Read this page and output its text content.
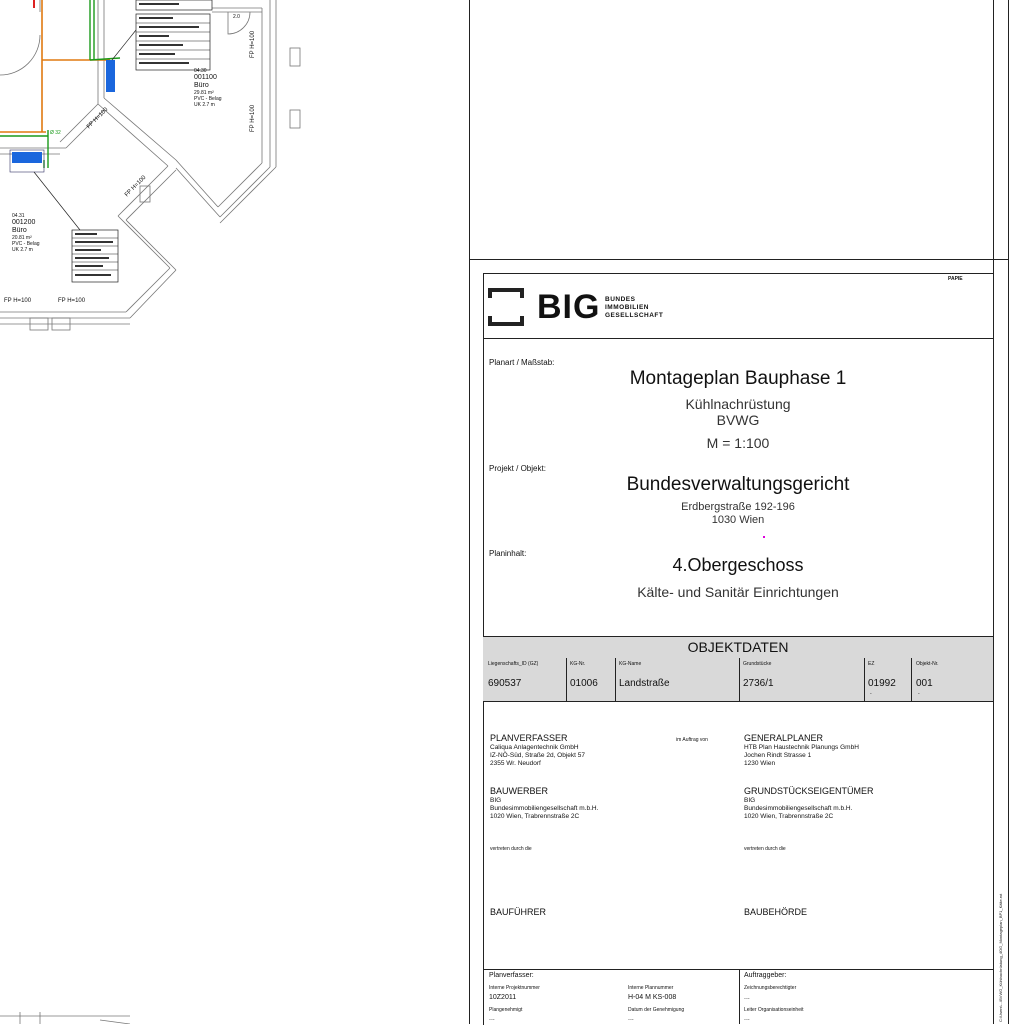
04.30
001100
Büro
29.81 m²
PVC - Belag
UK 2.7 m
04.31
001200
Büro
20.81 m²
PVC - Belag
UK 2.7 m
FP H=100
FP H=100
FP H=100	FP H=100
FP H=100
FP H=100
2.0
Ø 32
PAPIE
BIG BUNDES
IMMOBILIEN
GESELLSCHAFT
Planart / Maßstab:
Montageplan Bauphase 1
Kühlnachrüstung
BVWG
M = 1:100
Projekt / Objekt:
Bundesverwaltungsgericht
Erdbergstraße 192-196
1030 Wien
Planinhalt:
4.Obergeschoss
Kälte- und Sanitär Einrichtungen
OBJEKTDATEN
Liegenschafts_ID (GZ)	KG-Nr.	KG-Name	Grundstücke	EZ	Objekt-Nr.
690537	01006 Landstraße	2736/1	01992 001
-	-
PLANVERFASSER
Caliqua Anlagentechnik GmbH
IZ-NÖ-Süd, Straße 2d, Objekt 57
2355 Wr. Neudorf
im Auftrag von	GENERALPLANER
HTB Plan Haustechnik Planungs GmbH
Jochen Rindt Strasse 1
1230 Wien
BAUWERBER
BIG
Bundesimmobiliengesellschaft m.b.H.
1020 Wien, Trabrennstraße 2C
GRUNDSTÜCKSEIGENTÜMER
BIG
Bundesimmobiliengesellschaft m.b.H.
1020 Wien, Trabrennstraße 2C
vertreten durch die	vertreten durch die
BAUFÜHRER	BAUBEHÖRDE
Planverfasser:	Auftraggeber:
Interne Projektnummer
10Z2011
Interne Plannummer
H-04 M KS-008
Zeichnungsberechtigter
...
Plangenehmigt
...
Datum der Genehmigung
...
Leiter Organisationseinheit
...	C:\Users\...\BVWG_Kühlnachrüstung_4OG_Montageplan_BP1_Kälte.rvt
